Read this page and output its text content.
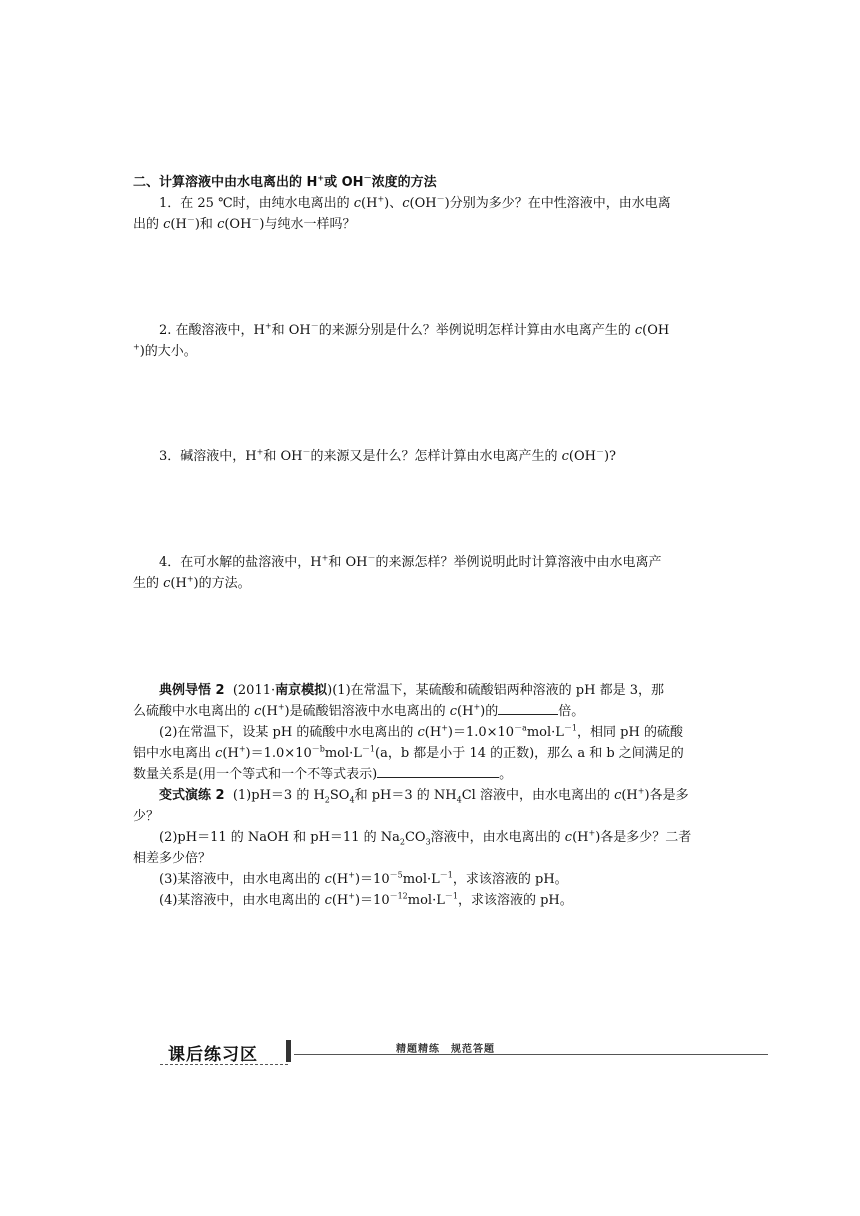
二、计算溶液中由水电离出的 H+或 OH－浓度的方法

1．在 25 ℃时，由纯水电离出的 c(H+)、c(OH－)分别为多少？在中性溶液中，由水电离
出的 c(H－)和 c(OH－)与纯水一样吗？

2. 在酸溶液中，H+和 OH－的来源分别是什么？举例说明怎样计算由水电离产生的 c(OH
+)的大小。

3．碱溶液中，H+和 OH－的来源又是什么？怎样计算由水电离产生的 c(OH－)?

4．在可水解的盐溶液中，H+和 OH－的来源怎样？举例说明此时计算溶液中由水电离产
生的 c(H+)的方法。

典例导悟 2 (2011·南京模拟)(1)在常温下，某硫酸和硫酸铝两种溶液的 pH 都是 3，那
么硫酸中水电离出的 c(H+)是硫酸铝溶液中水电离出的 c(H+)的	倍。

(2)在常温下，设某 pH 的硫酸中水电离出的 $c(H^+)=1.0\times 10^{-a}mol\cdot L^{-1}$，相同 pH 的硫酸
铝中水电离出 $c(H^+)=1.0\times 10^{-b}mol\cdot L^{-1}(a$，b 都是小于 14 的正数)，那么 a 和 b 之间满足的
数量关系是(用一个等式和一个不等式表示)	。

变式演练 2 (1)pH＝3 的 $H_2SO_4$和 pH＝3 的 $NH_4Cl$ 溶液中，由水电离出的 c(H+)各是多
少？

(2)pH＝11 的 NaOH 和 pH＝11 的 $Na_2CO_3$溶液中，由水电离出的 c(H+)各是多少？二者
相差多少倍？

(3)某溶液中，由水电离出的 $c(H^+)=10^{-5}mol\cdot L^{-1}$，求该溶液的 pH。

(4)某溶液中，由水电离出的 $c(H^+)=10^{-12}mol\cdot L^{-1}$，求该溶液的 pH。

课后练习区	精题精练　规范答题
